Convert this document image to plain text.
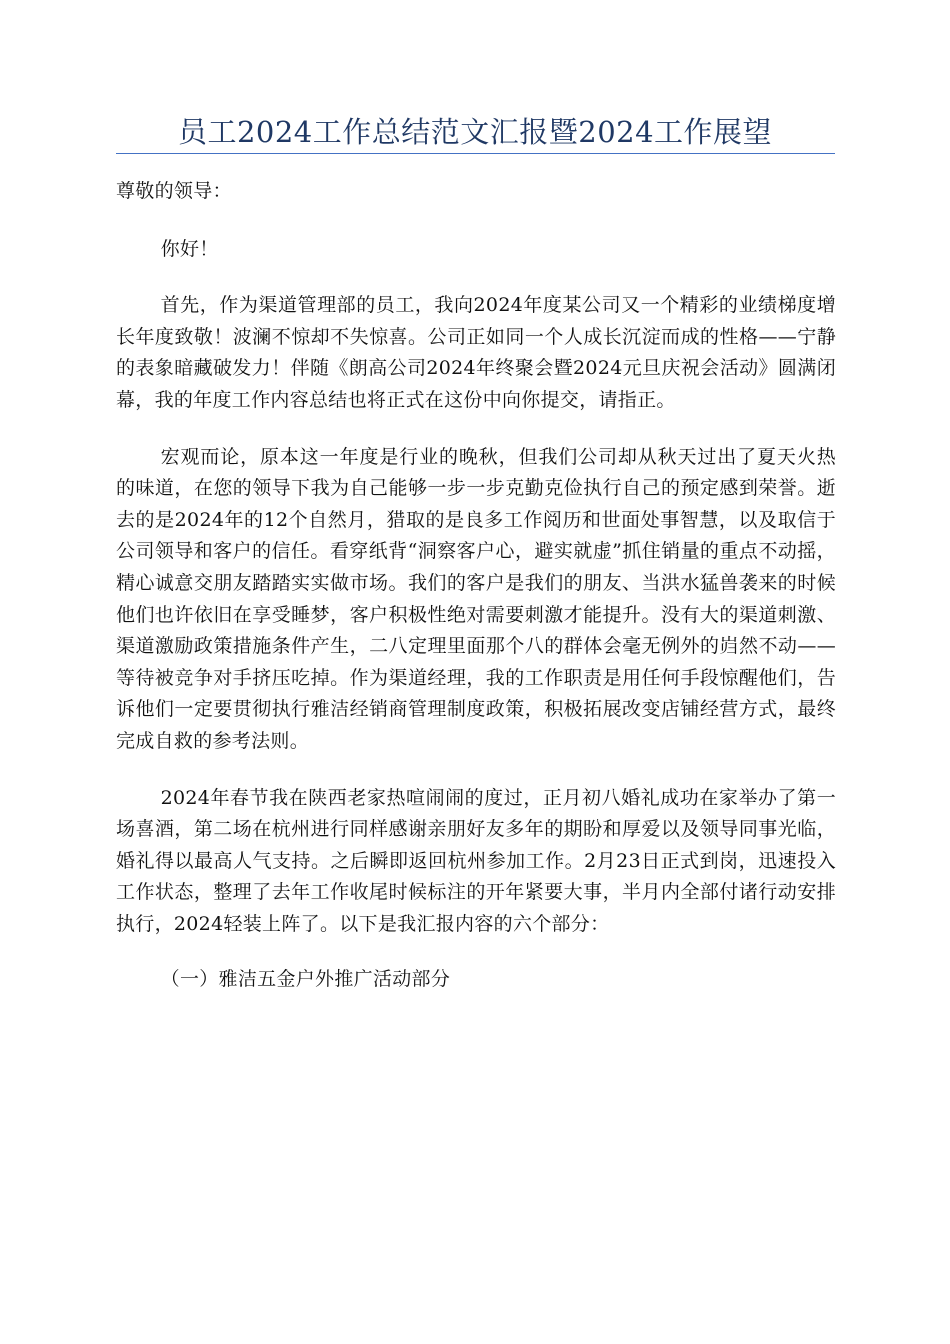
员工2024工作总结范文汇报暨2024工作展望

尊敬的领导：

你好！

首先，作为渠道管理部的员工，我向2024年度某公司又一个精彩的业绩梯度增长年度致敬！波澜不惊却不失惊喜。公司正如同一个人成长沉淀而成的性格——宁静的表象暗藏破发力！伴随《朗高公司2024年终聚会暨2024元旦庆祝会活动》圆满闭幕，我的年度工作内容总结也将正式在这份中向你提交，请指正。

宏观而论，原本这一年度是行业的晚秋，但我们公司却从秋天过出了夏天火热的味道，在您的领导下我为自己能够一步一步克勤克俭执行自己的预定感到荣誉。逝去的是2024年的12个自然月，猎取的是良多工作阅历和世面处事智慧，以及取信于公司领导和客户的信任。看穿纸背“洞察客户心，避实就虚”抓住销量的重点不动摇，精心诚意交朋友踏踏实实做市场。我们的客户是我们的朋友、当洪水猛兽袭来的时候他们也许依旧在享受睡梦，客户积极性绝对需要刺激才能提升。没有大的渠道刺激、渠道激励政策措施条件产生，二八定理里面那个八的群体会毫无例外的岿然不动——等待被竞争对手挤压吃掉。作为渠道经理，我的工作职责是用任何手段惊醒他们，告诉他们一定要贯彻执行雅洁经销商管理制度政策，积极拓展改变店铺经营方式，最终完成自救的参考法则。

2024年春节我在陕西老家热喧闹闹的度过，正月初八婚礼成功在家举办了第一场喜酒，第二场在杭州进行同样感谢亲朋好友多年的期盼和厚爱以及领导同事光临，婚礼得以最高人气支持。之后瞬即返回杭州参加工作。2月23日正式到岗，迅速投入工作状态，整理了去年工作收尾时候标注的开年紧要大事，半月内全部付诸行动安排执行，2024轻装上阵了。以下是我汇报内容的六个部分：

（一）雅洁五金户外推广活动部分
